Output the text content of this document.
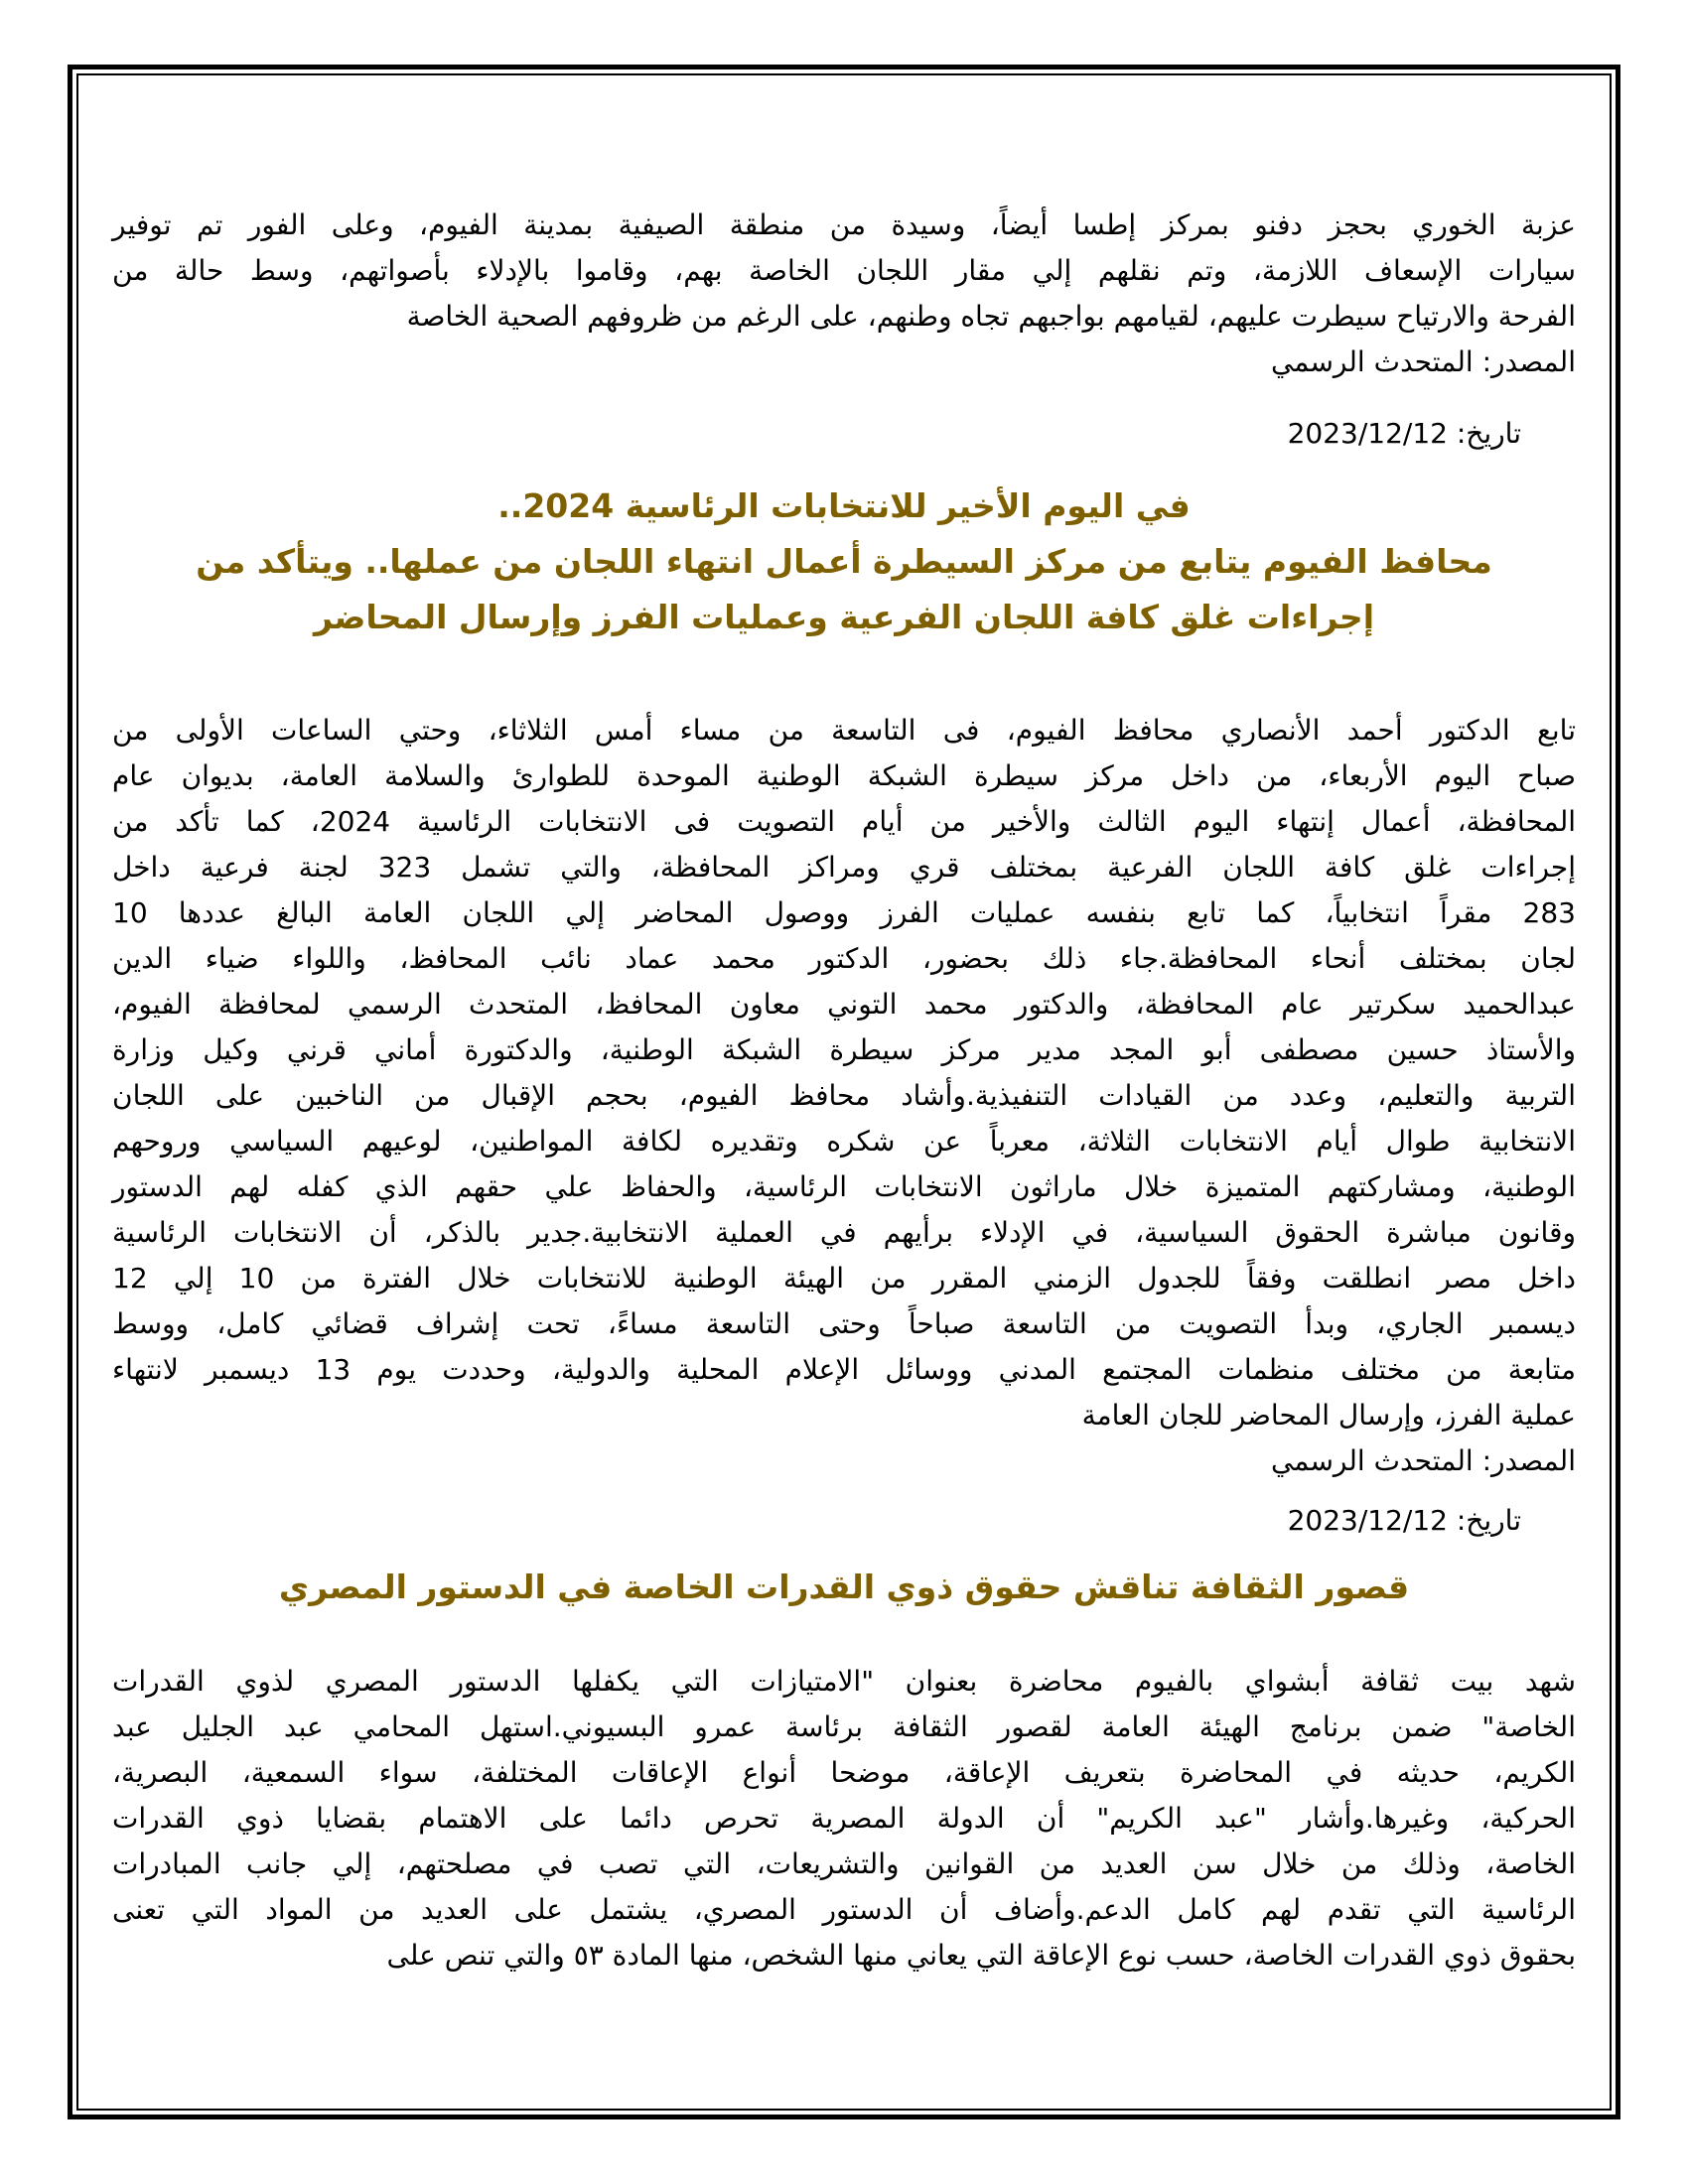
عزبة الخوري بحجز دفنو بمركز إطسا أيضاً، وسيدة من منطقة الصيفية بمدينة الفيوم، وعلى الفور تم توفير
سيارات الإسعاف اللازمة، وتم نقلهم إلي مقار اللجان الخاصة بهم، وقاموا بالإدلاء بأصواتهم، وسط حالة من
الفرحة والارتياح سيطرت عليهم، لقيامهم بواجبهم تجاه وطنهم، على الرغم من ظروفهم الصحية الخاصة
المصدر: المتحدث الرسمي
تاريخ: 2023/12/12
في اليوم الأخير للانتخابات الرئاسية 2024..
محافظ الفيوم يتابع من مركز السيطرة أعمال انتهاء اللجان من عملها.. ويتأكد من
إجراءات غلق كافة اللجان الفرعية وعمليات الفرز وإرسال المحاضر
تابع الدكتور أحمد الأنصاري محافظ الفيوم، فى التاسعة من مساء أمس الثلاثاء، وحتي الساعات الأولى من
صباح اليوم الأربعاء، من داخل مركز سيطرة الشبكة الوطنية الموحدة للطوارئ والسلامة العامة، بديوان عام
المحافظة، أعمال إنتهاء اليوم الثالث والأخير من أيام التصويت فى الانتخابات الرئاسية 2024، كما تأكد من
إجراءات غلق كافة اللجان الفرعية بمختلف قري ومراكز المحافظة، والتي تشمل 323 لجنة فرعية داخل
283 مقراً انتخابياً، كما تابع بنفسه عمليات الفرز ووصول المحاضر إلي اللجان العامة البالغ عددها 10
لجان بمختلف أنحاء المحافظة.جاء ذلك بحضور، الدكتور محمد عماد نائب المحافظ، واللواء ضياء الدين
عبدالحميد سكرتير عام المحافظة، والدكتور محمد التوني معاون المحافظ، المتحدث الرسمي لمحافظة الفيوم،
والأستاذ حسين مصطفى أبو المجد مدير مركز سيطرة الشبكة الوطنية، والدكتورة أماني قرني وكيل وزارة
التربية والتعليم، وعدد من القيادات التنفيذية.وأشاد محافظ الفيوم، بحجم الإقبال من الناخبين على اللجان
الانتخابية طوال أيام الانتخابات الثلاثة، معرباً عن شكره وتقديره لكافة المواطنين، لوعيهم السياسي وروحهم
الوطنية، ومشاركتهم المتميزة خلال ماراثون الانتخابات الرئاسية، والحفاظ علي حقهم الذي كفله لهم الدستور
وقانون مباشرة الحقوق السياسية، في الإدلاء برأيهم في العملية الانتخابية.جدير بالذكر، أن الانتخابات الرئاسية
داخل مصر انطلقت وفقاً للجدول الزمني المقرر من الهيئة الوطنية للانتخابات خلال الفترة من 10 إلي 12
ديسمبر الجاري، وبدأ التصويت من التاسعة صباحاً وحتى التاسعة مساءً، تحت إشراف قضائي كامل، ووسط
متابعة من مختلف منظمات المجتمع المدني ووسائل الإعلام المحلية والدولية، وحددت يوم 13 ديسمبر لانتهاء
عملية الفرز، وإرسال المحاضر للجان العامة
المصدر: المتحدث الرسمي
تاريخ: 2023/12/12
قصور الثقافة تناقش حقوق ذوي القدرات الخاصة في الدستور المصري
شهد بيت ثقافة أبشواي بالفيوم محاضرة بعنوان "الامتيازات التي يكفلها الدستور المصري لذوي القدرات
الخاصة" ضمن برنامج الهيئة العامة لقصور الثقافة برئاسة عمرو البسيوني.استهل المحامي عبد الجليل عبد
الكريم، حديثه في المحاضرة بتعريف الإعاقة، موضحا أنواع الإعاقات المختلفة، سواء السمعية، البصرية،
الحركية، وغيرها.وأشار "عبد الكريم" أن الدولة المصرية تحرص دائما على الاهتمام بقضايا ذوي القدرات
الخاصة، وذلك من خلال سن العديد من القوانين والتشريعات، التي تصب في مصلحتهم، إلي جانب المبادرات
الرئاسية التي تقدم لهم كامل الدعم.وأضاف أن الدستور المصري، يشتمل على العديد من المواد التي تعنى
بحقوق ذوي القدرات الخاصة، حسب نوع الإعاقة التي يعاني منها الشخص، منها المادة ٥٣ والتي تنص على
